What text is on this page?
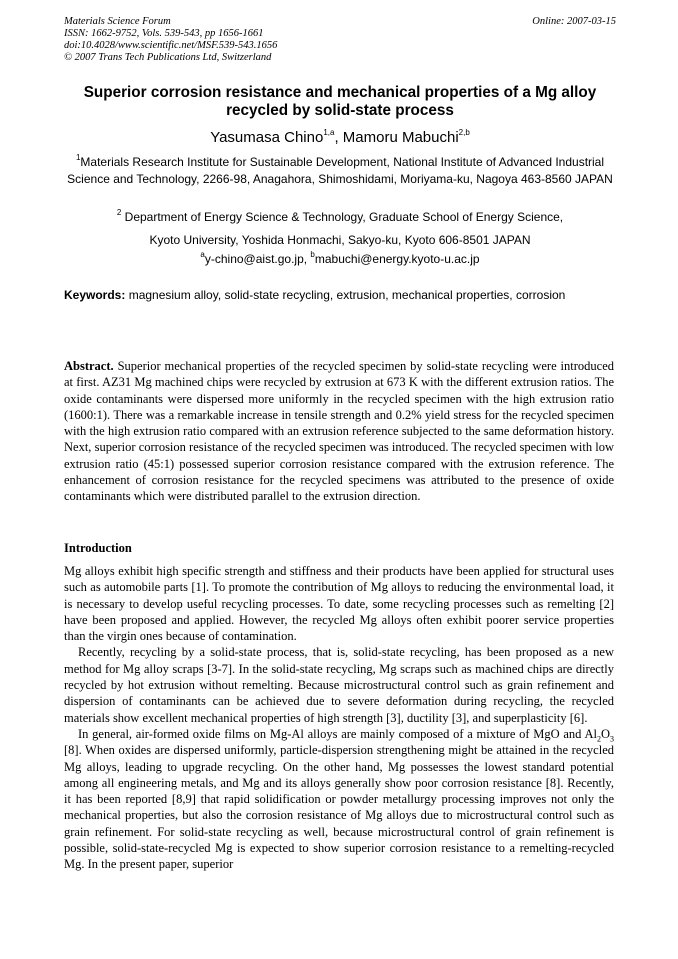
Materials Science Forum
ISSN: 1662-9752, Vols. 539-543, pp 1656-1661
doi:10.4028/www.scientific.net/MSF.539-543.1656
© 2007 Trans Tech Publications Ltd, Switzerland
Online: 2007-03-15
Superior corrosion resistance and mechanical properties of a Mg alloy recycled by solid-state process
Yasumasa Chino$^{1,a}$, Mamoru Mabuchi$^{2,b}$
$^1$Materials Research Institute for Sustainable Development, National Institute of Advanced Industrial Science and Technology, 2266-98, Anagahora, Shimoshidami, Moriyama-ku, Nagoya 463-8560 JAPAN

$^2$ Department of Energy Science & Technology, Graduate School of Energy Science,

Kyoto University, Yoshida Honmachi, Sakyo-ku, Kyoto 606-8501 JAPAN

$^a$y-chino@aist.go.jp, $^b$mabuchi@energy.kyoto-u.ac.jp
Keywords: magnesium alloy, solid-state recycling, extrusion, mechanical properties, corrosion

Abstract. Superior mechanical properties of the recycled specimen by solid-state recycling were introduced at first. AZ31 Mg machined chips were recycled by extrusion at 673 K with the different extrusion ratios. The oxide contaminants were dispersed more uniformly in the recycled specimen with the high extrusion ratio (1600:1). There was a remarkable increase in tensile strength and 0.2% yield stress for the recycled specimen with the high extrusion ratio compared with an extrusion reference subjected to the same deformation history. Next, superior corrosion resistance of the recycled specimen was introduced. The recycled specimen with low extrusion ratio (45:1) possessed superior corrosion resistance compared with the extrusion reference. The enhancement of corrosion resistance for the recycled specimens was attributed to the presence of oxide contaminants which were distributed parallel to the extrusion direction.

Introduction

Mg alloys exhibit high specific strength and stiffness and their products have been applied for structural uses such as automobile parts [1]. To promote the contribution of Mg alloys to reducing the environmental load, it is necessary to develop useful recycling processes. To date, some recycling processes such as remelting [2] have been proposed and applied. However, the recycled Mg alloys often exhibit poorer service properties than the virgin ones because of contamination.

Recently, recycling by a solid-state process, that is, solid-state recycling, has been proposed as a new method for Mg alloy scraps [3-7]. In the solid-state recycling, Mg scraps such as machined chips are directly recycled by hot extrusion without remelting. Because microstructural control such as grain refinement and dispersion of contaminants can be achieved due to severe deformation during recycling, the recycled materials show excellent mechanical properties of high strength [3], ductility [3], and superplasticity [6].

In general, air-formed oxide films on Mg-Al alloys are mainly composed of a mixture of MgO and $Al_2O_3$ [8]. When oxides are dispersed uniformly, particle-dispersion strengthening might be attained in the recycled Mg alloys, leading to upgrade recycling. On the other hand, Mg possesses the lowest standard potential among all engineering metals, and Mg and its alloys generally show poor corrosion resistance [8]. Recently, it has been reported [8,9] that rapid solidification or powder metallurgy processing improves not only the mechanical properties, but also the corrosion resistance of Mg alloys due to microstructural control such as grain refinement. For solid-state recycling as well, because microstructural control of grain refinement is possible, solid-state-recycled Mg is expected to show superior corrosion resistance to a remelting-recycled Mg. In the present paper, superior
